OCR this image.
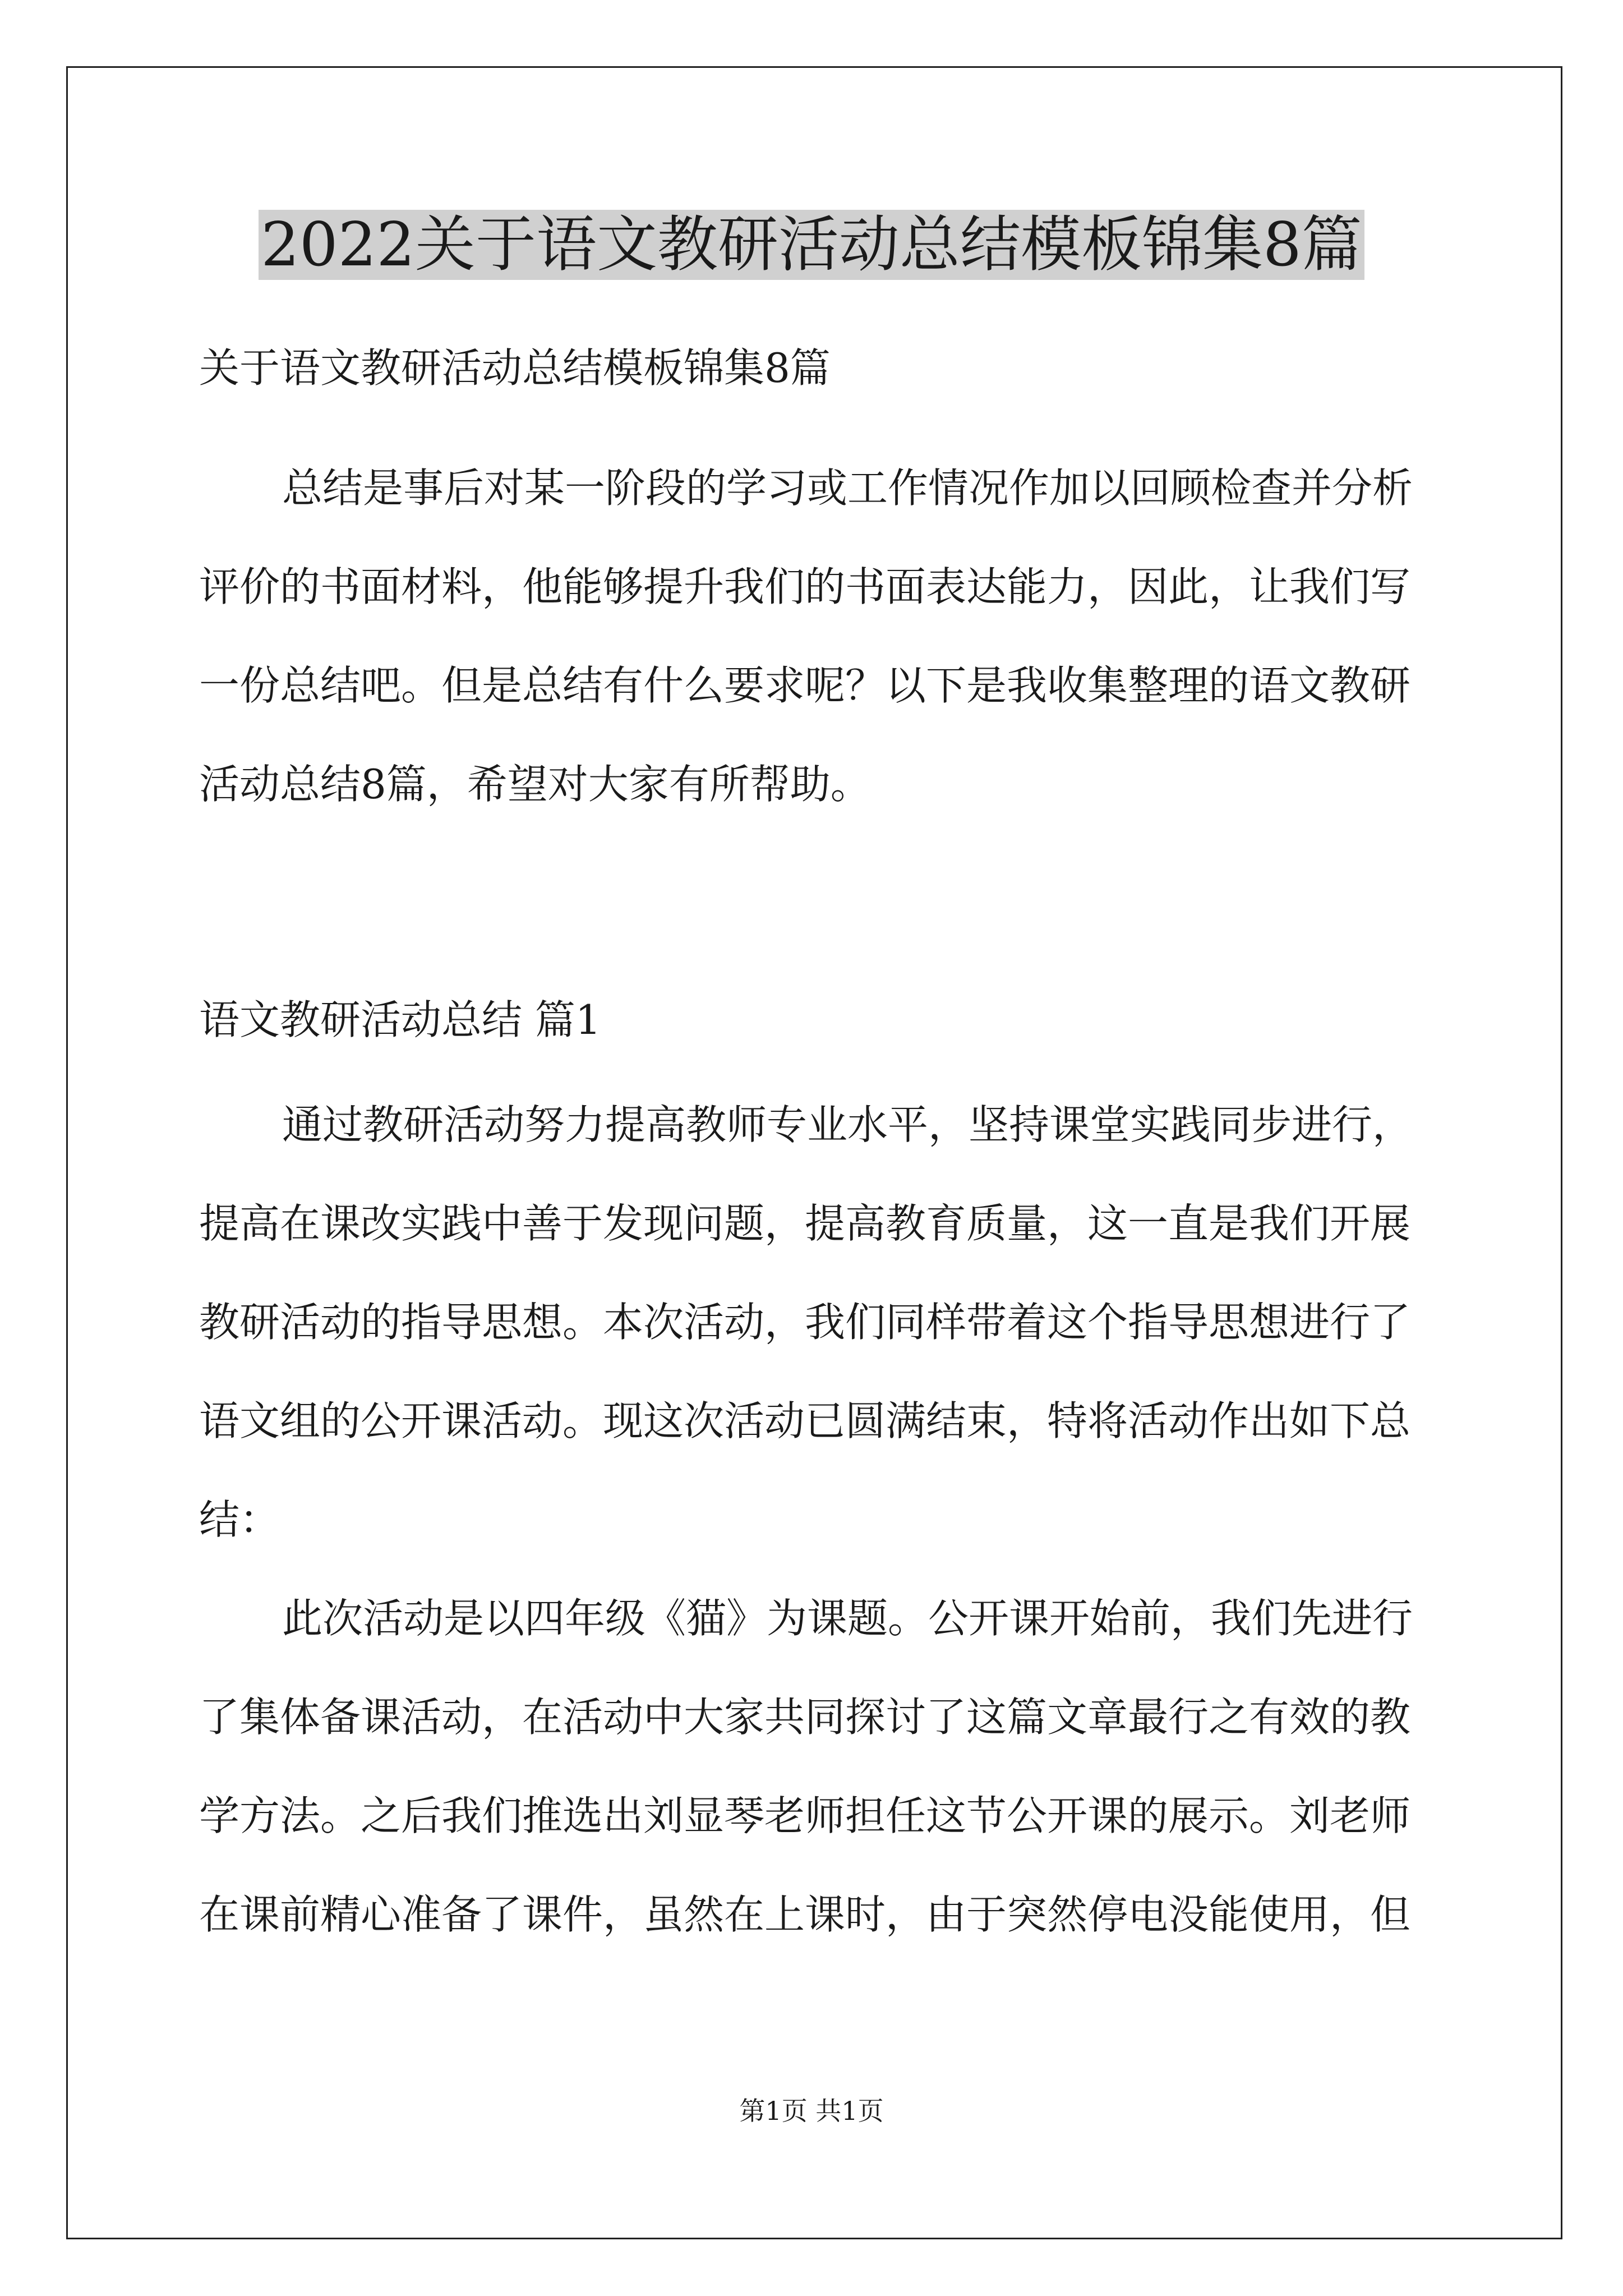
2022关于语文教研活动总结模板锦集8篇

关于语文教研活动总结模板锦集8篇

总结是事后对某一阶段的学习或工作情况作加以回顾检查并分析
评价的书面材料，他能够提升我们的书面表达能力，因此，让我们写
一份总结吧。但是总结有什么要求呢？以下是我收集整理的语文教研
活动总结8篇，希望对大家有所帮助。

语文教研活动总结 篇1

通过教研活动努力提高教师专业水平，坚持课堂实践同步进行，
提高在课改实践中善于发现问题，提高教育质量，这一直是我们开展
教研活动的指导思想。本次活动，我们同样带着这个指导思想进行了
语文组的公开课活动。现这次活动已圆满结束，特将活动作出如下总
结：
此次活动是以四年级《猫》为课题。公开课开始前，我们先进行
了集体备课活动，在活动中大家共同探讨了这篇文章最行之有效的教
学方法。之后我们推选出刘显琴老师担任这节公开课的展示。刘老师
在课前精心准备了课件，虽然在上课时，由于突然停电没能使用，但
第1页 共1页
